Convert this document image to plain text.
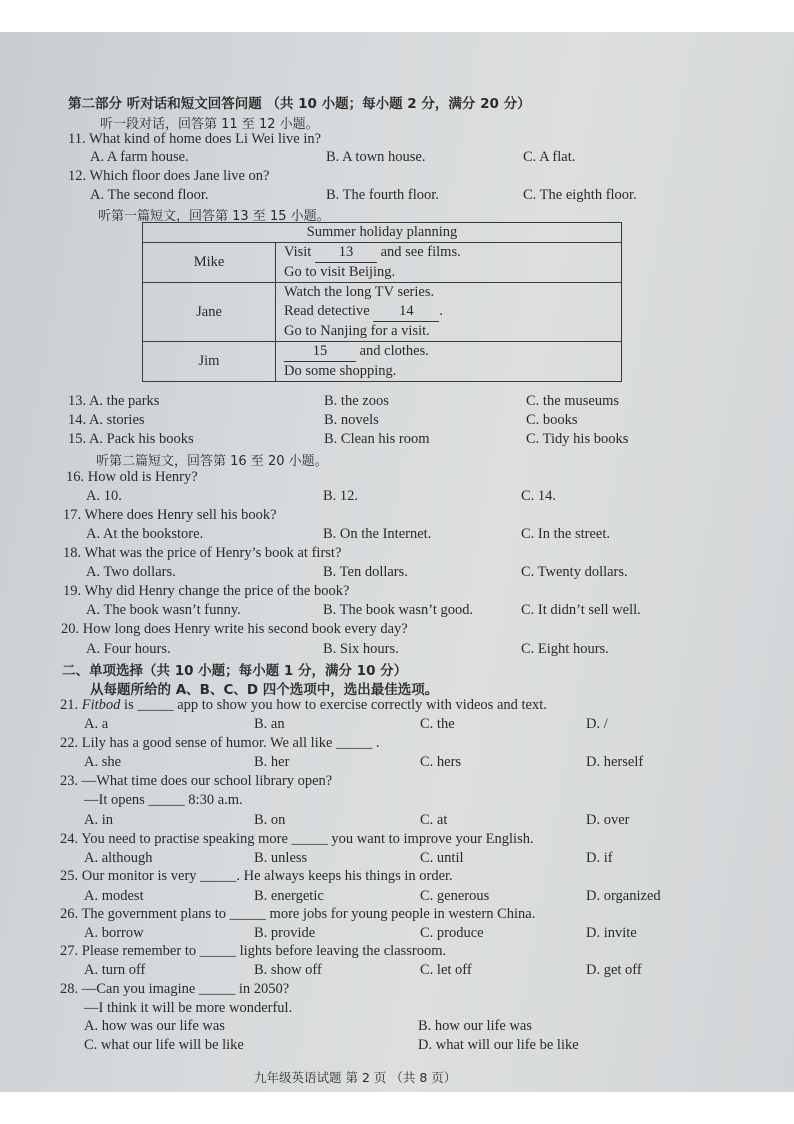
第二部分 听对话和短文回答问题 （共 10 小题；每小题 2 分，满分 20 分）
听一段对话，回答第 11 至 12 小题。
11. What kind of home does Li Wei live in?
A. A farm house.	B. A town house.	C. A flat.
12. Which floor does Jane live on?
A. The second floor.	B. The fourth floor.	C. The eighth floor.
听第一篇短文，回答第 13 至 15 小题。
Summer holiday planning	
Mike	Visit 13 and see films.
Go to visit Beijing.

Jane	Watch the long TV series.
Read detective 14 .
Go to Nanjing for a visit.

Jim	15 and clothes.
Do some shopping.
13. A. the parks	B. the zoos	C. the museums
14. A. stories	B. novels	C. books
15. A. Pack his books	B. Clean his room	C. Tidy his books
听第二篇短文，回答第 16 至 20 小题。
16. How old is Henry?
A. 10.	B. 12.	C. 14.
17. Where does Henry sell his book?
A. At the bookstore.	B. On the Internet.	C. In the street.
18. What was the price of Henry’s book at first?
A. Two dollars.	B. Ten dollars.	C. Twenty dollars.
19. Why did Henry change the price of the book?
A. The book wasn’t funny.	B. The book wasn’t good.	C. It didn’t sell well.
20. How long does Henry write his second book every day?
A. Four hours.	B. Six hours.	C. Eight hours.
二、单项选择（共 10 小题；每小题 1 分，满分 10 分）
从每题所给的 A、B、C、D 四个选项中，选出最佳选项。
21. Fitbod is _____ app to show you how to exercise correctly with videos and text.
A. a	B. an	C. the	D. /
22. Lily has a good sense of humor. We all like _____ .
A. she	B. her	C. hers	D. herself
23. —What time does our school library open?
—It opens _____ 8:30 a.m.
A. in	B. on	C. at	D. over
24. You need to practise speaking more _____ you want to improve your English.
A. although	B. unless	C. until	D. if
25. Our monitor is very _____. He always keeps his things in order.
A. modest	B. energetic	C. generous	D. organized
26. The government plans to _____ more jobs for young people in western China.
A. borrow	B. provide	C. produce	D. invite
27. Please remember to _____ lights before leaving the classroom.
A. turn off	B. show off	C. let off	D. get off
28. —Can you imagine _____ in 2050?
—I think it will be more wonderful.
A. how was our life was	B. how our life was
C. what our life will be like	D. what will our life be like
九年级英语试题 第 2 页 （共 8 页）
